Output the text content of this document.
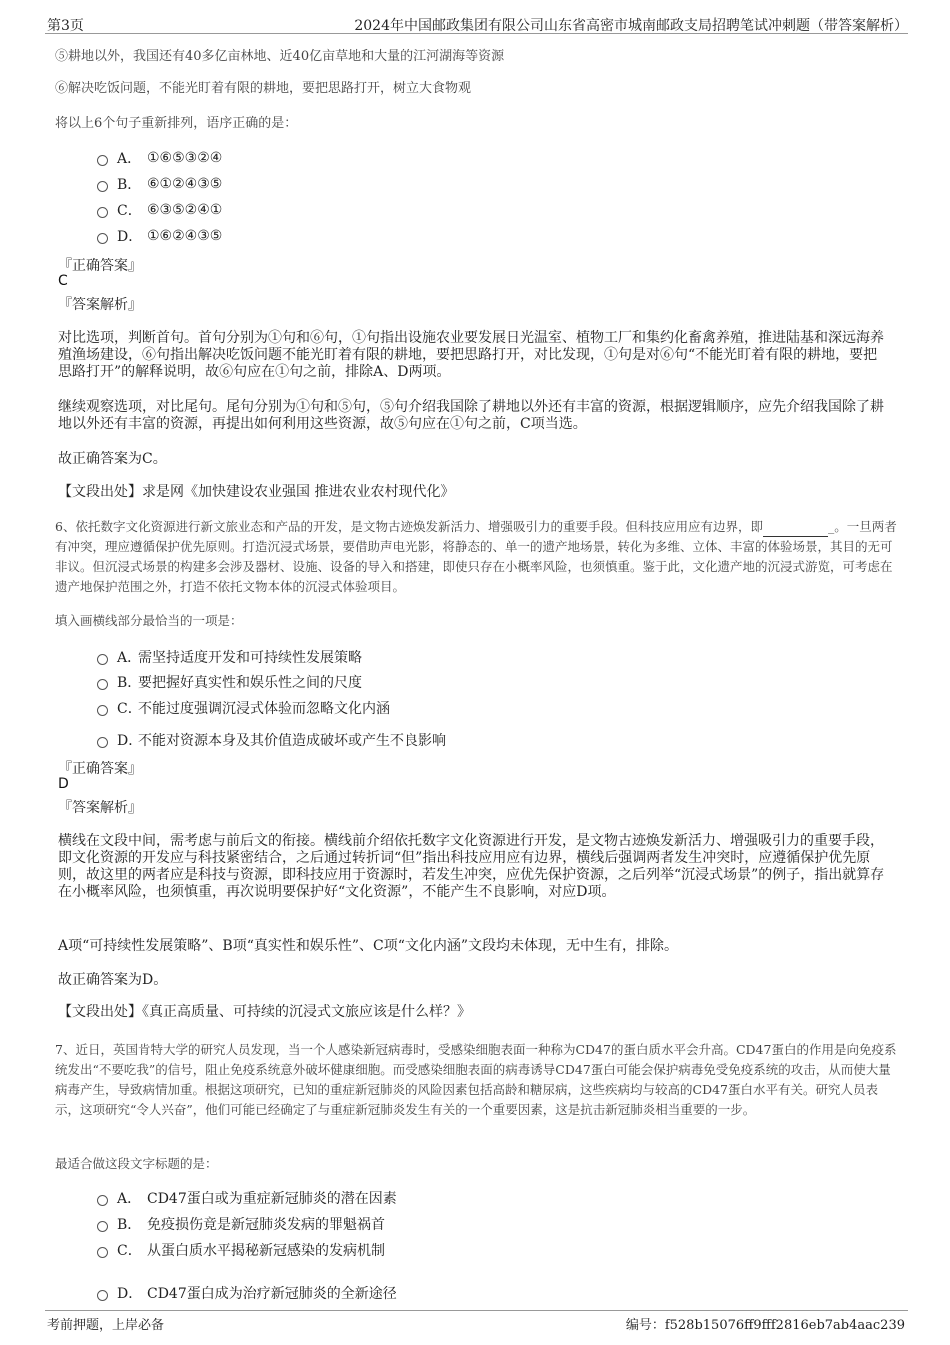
第3页	2024年中国邮政集团有限公司山东省高密市城南邮政支局招聘笔试冲刺题（带答案解析）

⑤耕地以外，我国还有40多亿亩林地、近40亿亩草地和大量的江河湖海等资源

⑥解决吃饭问题，不能光盯着有限的耕地，要把思路打开，树立大食物观

将以上6个句子重新排列，语序正确的是：

A． ①⑥⑤③②④
B． ⑥①②④③⑤
C． ⑥③⑤②④①
D． ①⑥②④③⑤
『正确答案』
C
『答案解析』

对比选项，判断首句。首句分别为①句和⑥句，①句指出设施农业要发展日光温室、植物工厂和集约化畜禽养殖，推进陆基和深远海养殖渔场建设，⑥句指出解决吃饭问题不能光盯着有限的耕地，要把思路打开，对比发现，①句是对⑥句“不能光盯着有限的耕地，要把思路打开”的解释说明，故⑥句应在①句之前，排除A、D两项。

继续观察选项，对比尾句。尾句分别为①句和⑤句，⑤句介绍我国除了耕地以外还有丰富的资源，根据逻辑顺序，应先介绍我国除了耕地以外还有丰富的资源，再提出如何利用这些资源，故⑤句应在①句之前，C项当选。

故正确答案为C。

【文段出处】求是网《加快建设农业强国 推进农业农村现代化》

6、依托数字文化资源进行新文旅业态和产品的开发，是文物古迹焕发新活力、增强吸引力的重要手段。但科技应用应有边界，即	_。一旦两者有冲突，理应遵循保护优先原则。打造沉浸式场景，要借助声电光影，将静态的、单一的遗产地场景，转化为多维、立体、丰富的体验场景，其目的无可非议。但沉浸式场景的构建多会涉及器材、设施、设备的导入和搭建，即使只存在小概率风险，也须慎重。鉴于此，文化遗产地的沉浸式游览，可考虑在遗产地保护范围之外，打造不依托文物本体的沉浸式体验项目。

填入画横线部分最恰当的一项是：

A．
需坚持适度开发和可持续性发展策略
B．
要把握好真实性和娱乐性之间的尺度
C．
不能过度强调沉浸式体验而忽略文化内涵
D．
不能对资源本身及其价值造成破坏或产生不良影响
『正确答案』
D
『答案解析』

横线在文段中间，需考虑与前后文的衔接。横线前介绍依托数字文化资源进行开发，是文物古迹焕发新活力、增强吸引力的重要手段，即文化资源的开发应与科技紧密结合，之后通过转折词“但”指出科技应用应有边界，横线后强调两者发生冲突时，应遵循保护优先原则，故这里的两者应是科技与资源，即科技应用于资源时，若发生冲突，应优先保护资源，之后列举“沉浸式场景”的例子，指出就算存在小概率风险，也须慎重，再次说明要保护好“文化资源”，不能产生不良影响，对应D项。

A项“可持续性发展策略”、B项“真实性和娱乐性”、C项“文化内涵”文段均未体现，无中生有，排除。

故正确答案为D。

【文段出处】《真正高质量、可持续的沉浸式文旅应该是什么样？》

7、近日，英国肯特大学的研究人员发现，当一个人感染新冠病毒时，受感染细胞表面一种称为CD47的蛋白质水平会升高。CD47蛋白的作用是向免疫系统发出“不要吃我”的信号，阻止免疫系统意外破坏健康细胞。而受感染细胞表面的病毒诱导CD47蛋白可能会保护病毒免受免疫系统的攻击，从而使大量病毒产生，导致病情加重。根据这项研究，已知的重症新冠肺炎的风险因素包括高龄和糖尿病，这些疾病均与较高的CD47蛋白水平有关。研究人员表示，这项研究“令人兴奋”，他们可能已经确定了与重症新冠肺炎发生有关的一个重要因素，这是抗击新冠肺炎相当重要的一步。

最适合做这段文字标题的是：

A． CD47蛋白或为重症新冠肺炎的潜在因素
B． 免疫损伤竟是新冠肺炎发病的罪魁祸首
C． 从蛋白质水平揭秘新冠感染的发病机制
D． CD47蛋白成为治疗新冠肺炎的全新途径
考前押题，上岸必备	编号：f528b15076ff9fff2816eb7ab4aac239
